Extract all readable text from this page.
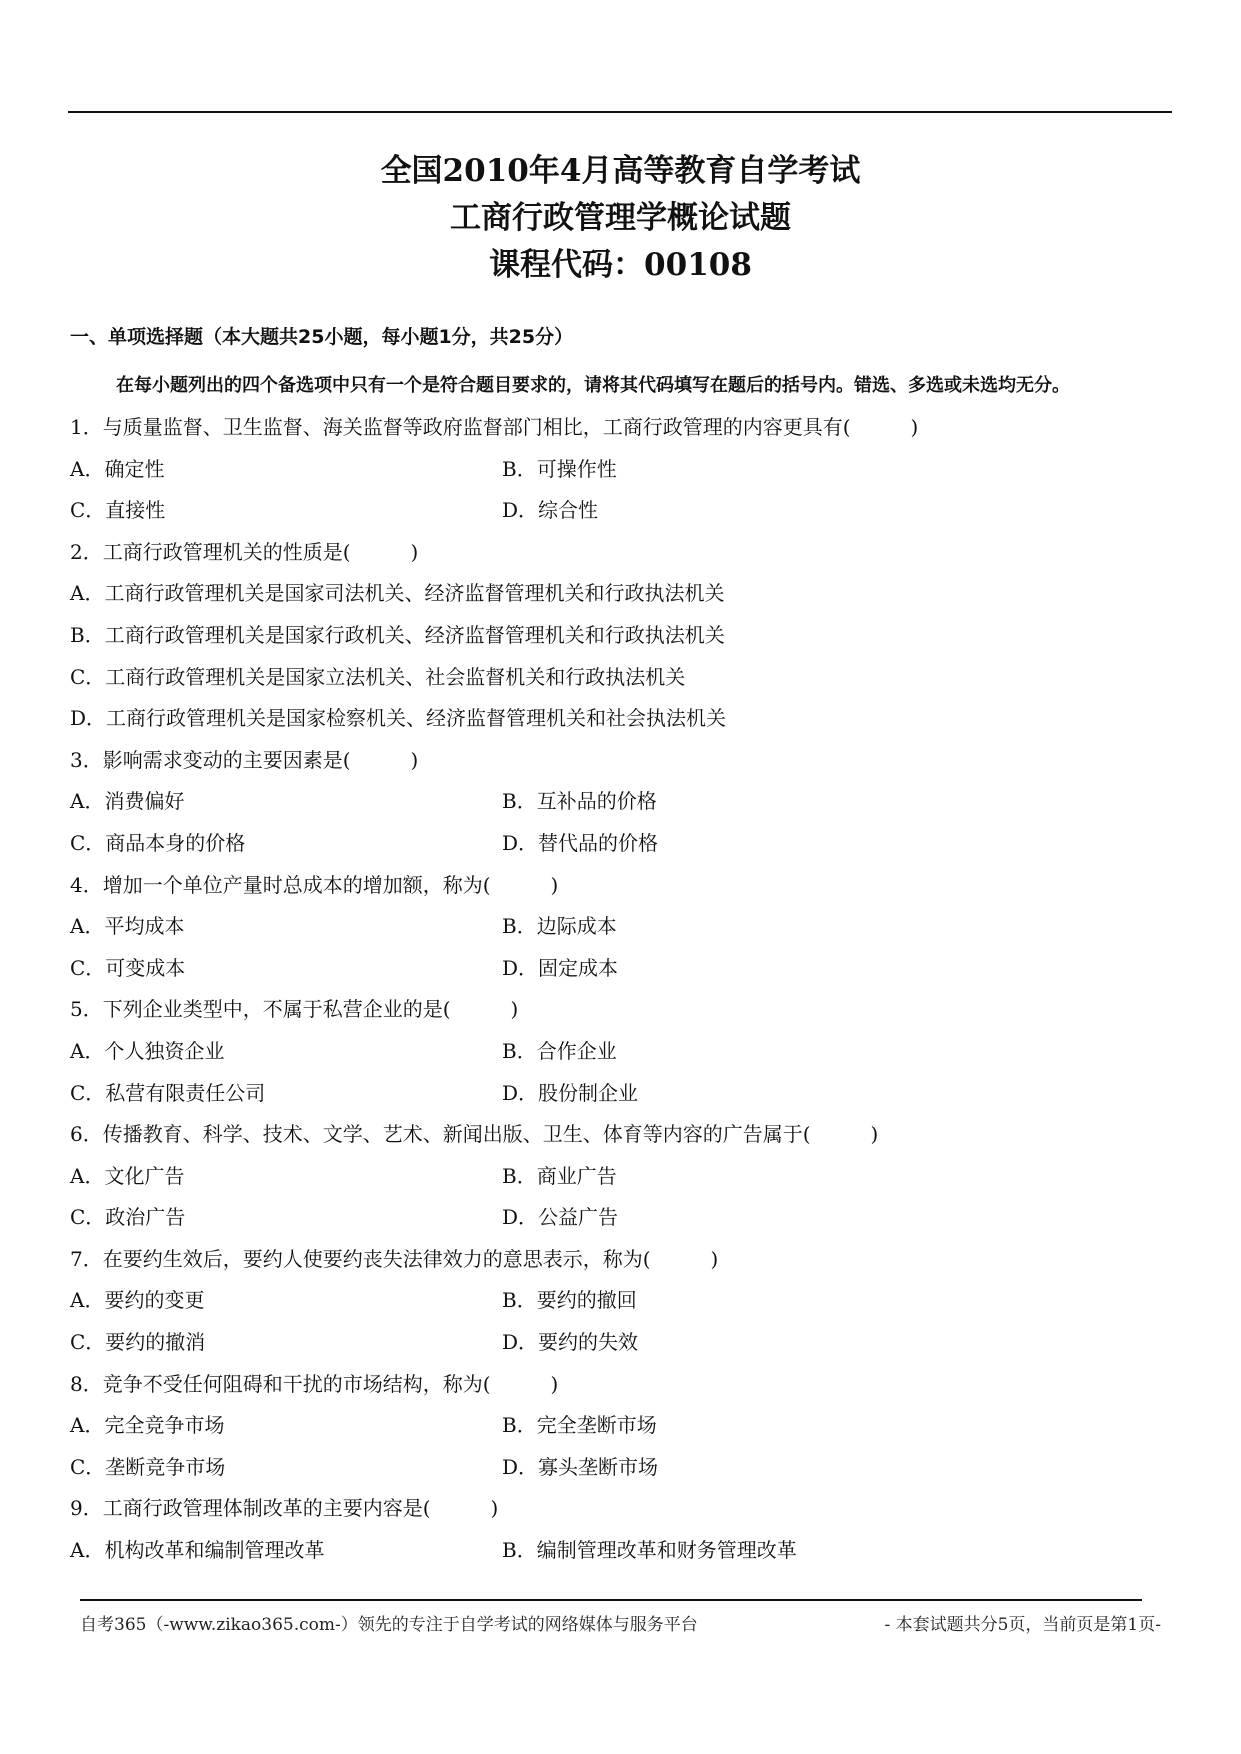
全国2010年4月高等教育自学考试
工商行政管理学概论试题
课程代码：00108
一、单项选择题（本大题共25小题，每小题1分，共25分）
在每小题列出的四个备选项中只有一个是符合题目要求的，请将其代码填写在题后的括号内。错选、多选或未选均无分。
1．与质量监督、卫生监督、海关监督等政府监督部门相比，工商行政管理的内容更具有(　　　)
A．确定性	B．可操作性
C．直接性	D．综合性
2．工商行政管理机关的性质是(　　　)
A．工商行政管理机关是国家司法机关、经济监督管理机关和行政执法机关
B．工商行政管理机关是国家行政机关、经济监督管理机关和行政执法机关
C．工商行政管理机关是国家立法机关、社会监督机关和行政执法机关
D．工商行政管理机关是国家检察机关、经济监督管理机关和社会执法机关
3．影响需求变动的主要因素是(　　　)
A．消费偏好	B．互补品的价格
C．商品本身的价格	D．替代品的价格
4．增加一个单位产量时总成本的增加额，称为(　　　)
A．平均成本	B．边际成本
C．可变成本	D．固定成本
5．下列企业类型中，不属于私营企业的是(　　　)
A．个人独资企业	B．合作企业
C．私营有限责任公司	D．股份制企业
6．传播教育、科学、技术、文学、艺术、新闻出版、卫生、体育等内容的广告属于(　　　)
A．文化广告	B．商业广告
C．政治广告	D．公益广告
7．在要约生效后，要约人使要约丧失法律效力的意思表示，称为(　　　)
A．要约的变更	B．要约的撤回
C．要约的撤消	D．要约的失效
8．竞争不受任何阻碍和干扰的市场结构，称为(　　　)
A．完全竞争市场	B．完全垄断市场
C．垄断竞争市场	D．寡头垄断市场
9．工商行政管理体制改革的主要内容是(　　　)
A．机构改革和编制管理改革	B．编制管理改革和财务管理改革
自考365（-www.zikao365.com-）领先的专注于自学考试的网络媒体与服务平台	- 本套试题共分5页，当前页是第1页-
